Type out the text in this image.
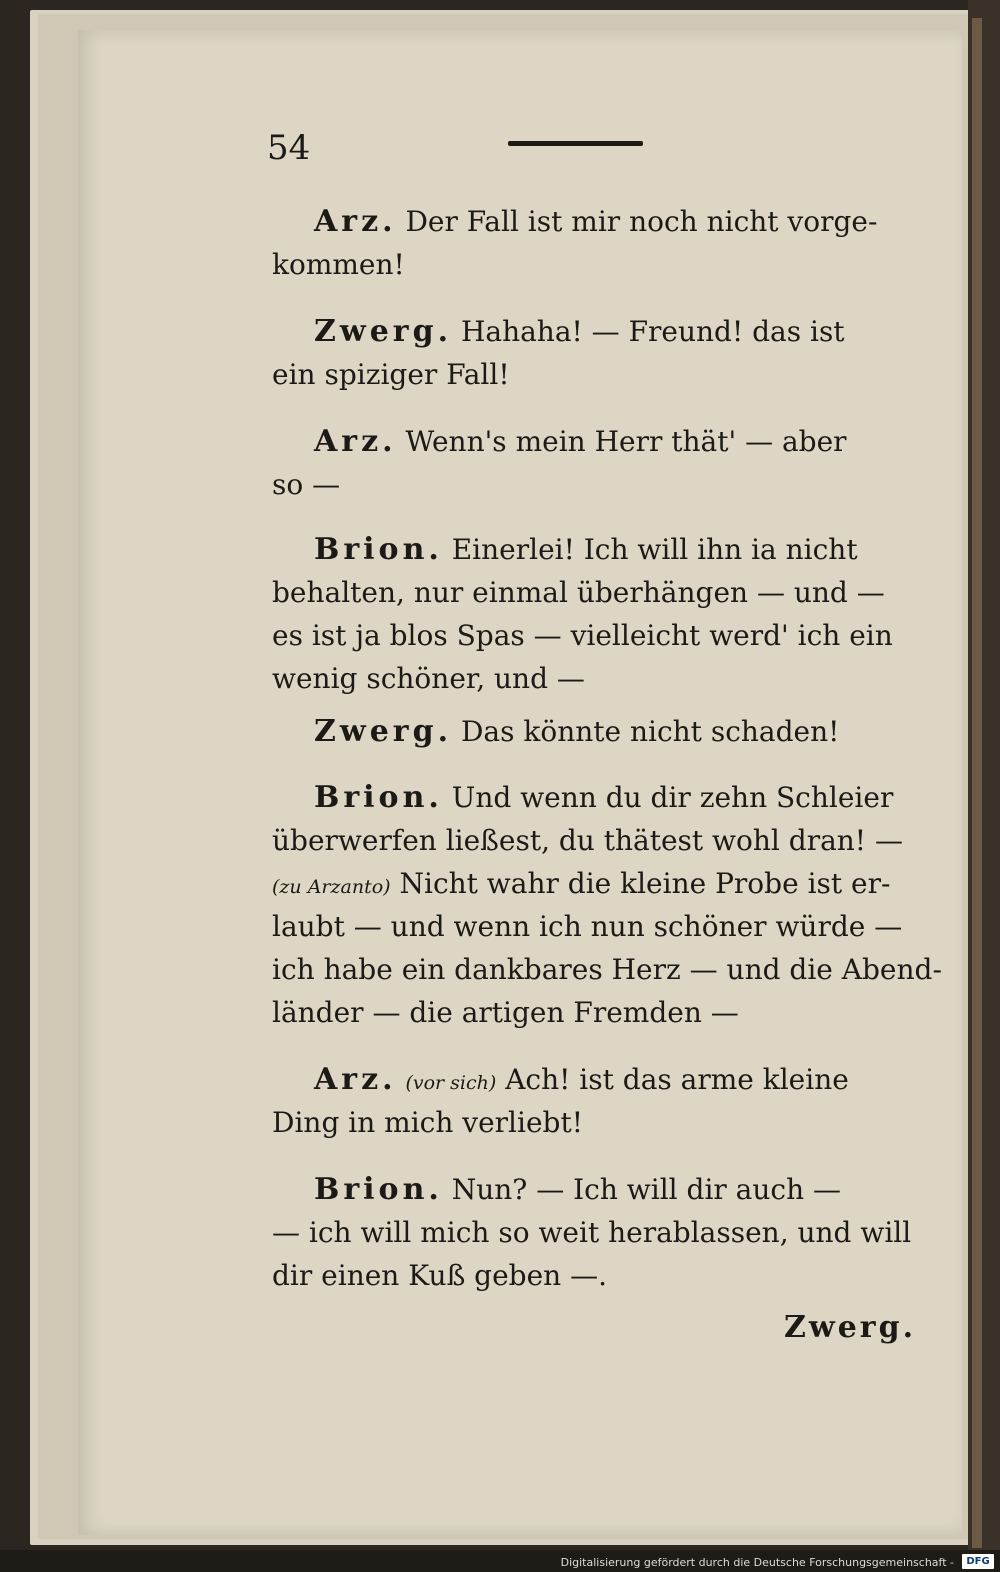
54
Arz. Der Fall ist mir noch nicht vorge-
kommen!
Zwerg. Hahaha! — Freund! das ist
ein spiziger Fall!
Arz. Wenn's mein Herr thät' — aber
so —
Brion. Einerlei! Ich will ihn ia nicht
behalten, nur einmal überhängen — und —
es ist ja blos Spas — vielleicht werd' ich ein
wenig schöner, und —
Zwerg. Das könnte nicht schaden!
Brion. Und wenn du dir zehn Schleier
überwerfen ließest, du thätest wohl dran! —
(zu Arzanto) Nicht wahr die kleine Probe ist er-
laubt — und wenn ich nun schöner würde —
ich habe ein dankbares Herz — und die Abend-
länder — die artigen Fremden —
Arz. (vor sich) Ach! ist das arme kleine
Ding in mich verliebt!
Brion. Nun? — Ich will dir auch —
— ich will mich so weit herablassen, und will
dir einen Kuß geben —.
Zwerg.
Digitalisierung gefördert durch die Deutsche Forschungsgemeinschaft -	DFG
